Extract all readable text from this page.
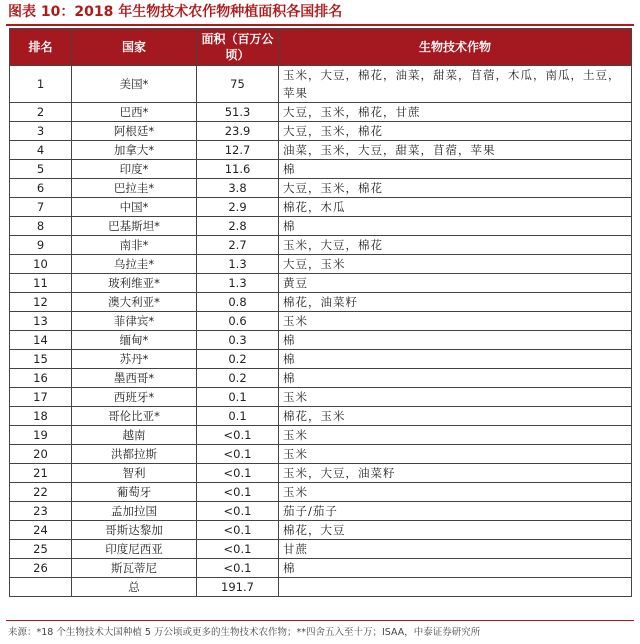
图表 10：2018 年生物技术农作物种植面积各国排名
排名	国家	面积（百万公顷）	生物技术作物
1	美国*	75	玉米，大豆，棉花，油菜，甜菜，苜蓿，木瓜，南瓜，土豆，苹果
2	巴西*	51.3	大豆，玉米，棉花，甘蔗
3	阿根廷*	23.9	大豆，玉米，棉花
4	加拿大*	12.7	油菜，玉米，大豆，甜菜，苜蓿，苹果
5	印度*	11.6	棉
6	巴拉圭*	3.8	大豆，玉米，棉花
7	中国*	2.9	棉花，木瓜
8	巴基斯坦*	2.8	棉
9	南非*	2.7	玉米，大豆，棉花
10	乌拉圭*	1.3	大豆，玉米
11	玻利维亚*	1.3	黄豆
12	澳大利亚*	0.8	棉花，油菜籽
13	菲律宾*	0.6	玉米
14	缅甸*	0.3	棉
15	苏丹*	0.2	棉
16	墨西哥*	0.2	棉
17	西班牙*	0.1	玉米
18	哥伦比亚*	0.1	棉花，玉米
19	越南	<0.1	玉米
20	洪都拉斯	<0.1	玉米
21	智利	<0.1	玉米，大豆，油菜籽
22	葡萄牙	<0.1	玉米
23	孟加拉国	<0.1	茄子/茄子
24	哥斯达黎加	<0.1	棉花，大豆
25	印度尼西亚	<0.1	甘蔗
26	斯瓦蒂尼	<0.1	棉
	总	191.7	
来源：*18 个生物技术大国种植 5 万公顷或更多的生物技术农作物；**四舍五入至十万；ISAA，中泰证券研究所
